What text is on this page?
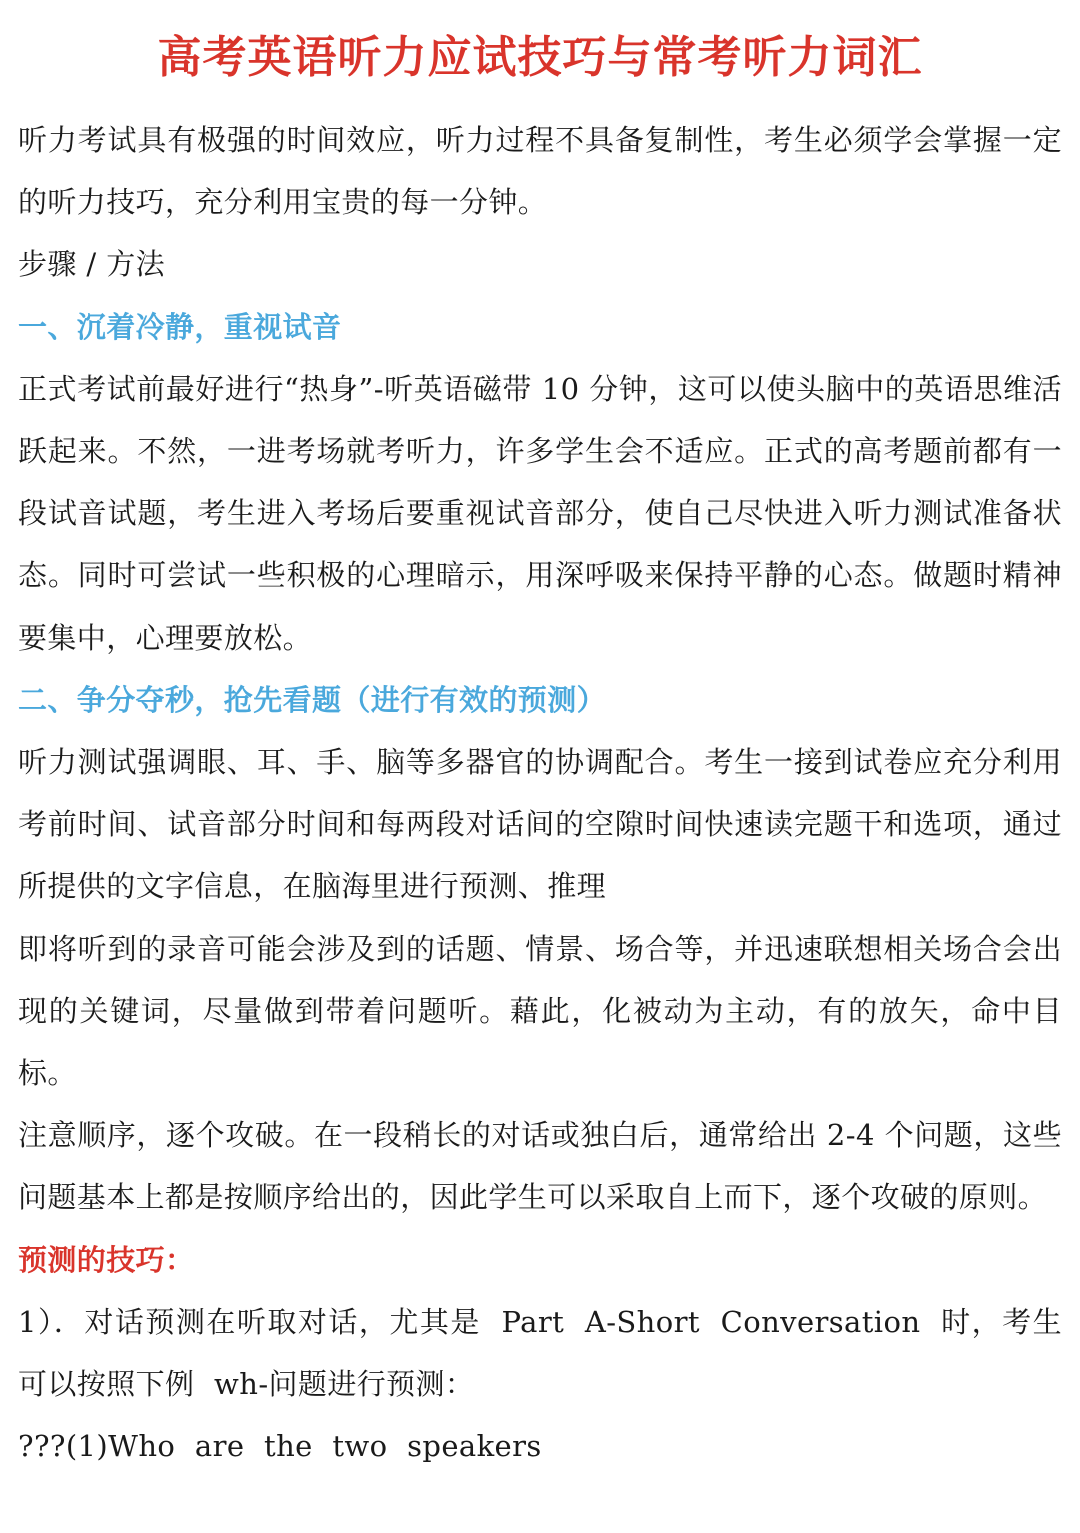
高考英语听力应试技巧与常考听力词汇

听力考试具有极强的时间效应，听力过程不具备复制性，考生必须学会掌握一定的听力技巧，充分利用宝贵的每一分钟。

步骤 / 方法

一、沉着冷静，重视试音

正式考试前最好进行“热身”-听英语磁带 10 分钟，这可以使头脑中的英语思维活跃起来。不然，一进考场就考听力，许多学生会不适应。正式的高考题前都有一段试音试题，考生进入考场后要重视试音部分，使自己尽快进入听力测试准备状态。同时可尝试一些积极的心理暗示，用深呼吸来保持平静的心态。做题时精神要集中，心理要放松。

二、争分夺秒，抢先看题（进行有效的预测）

听力测试强调眼、耳、手、脑等多器官的协调配合。考生一接到试卷应充分利用考前时间、试音部分时间和每两段对话间的空隙时间快速读完题干和选项，通过所提供的文字信息，在脑海里进行预测、推理

即将听到的录音可能会涉及到的话题、情景、场合等，并迅速联想相关场合会出现的关键词，尽量做到带着问题听。藉此，化被动为主动，有的放矢，命中目标。

注意顺序，逐个攻破。在一段稍长的对话或独白后，通常给出 2-4 个问题，这些问题基本上都是按顺序给出的，因此学生可以采取自上而下，逐个攻破的原则。

预测的技巧：

1）．对话预测在听取对话，尤其是 Part A-Short Conversation 时，考生可以按照下例 wh-问题进行预测：

???(1)Who are the two speakers
